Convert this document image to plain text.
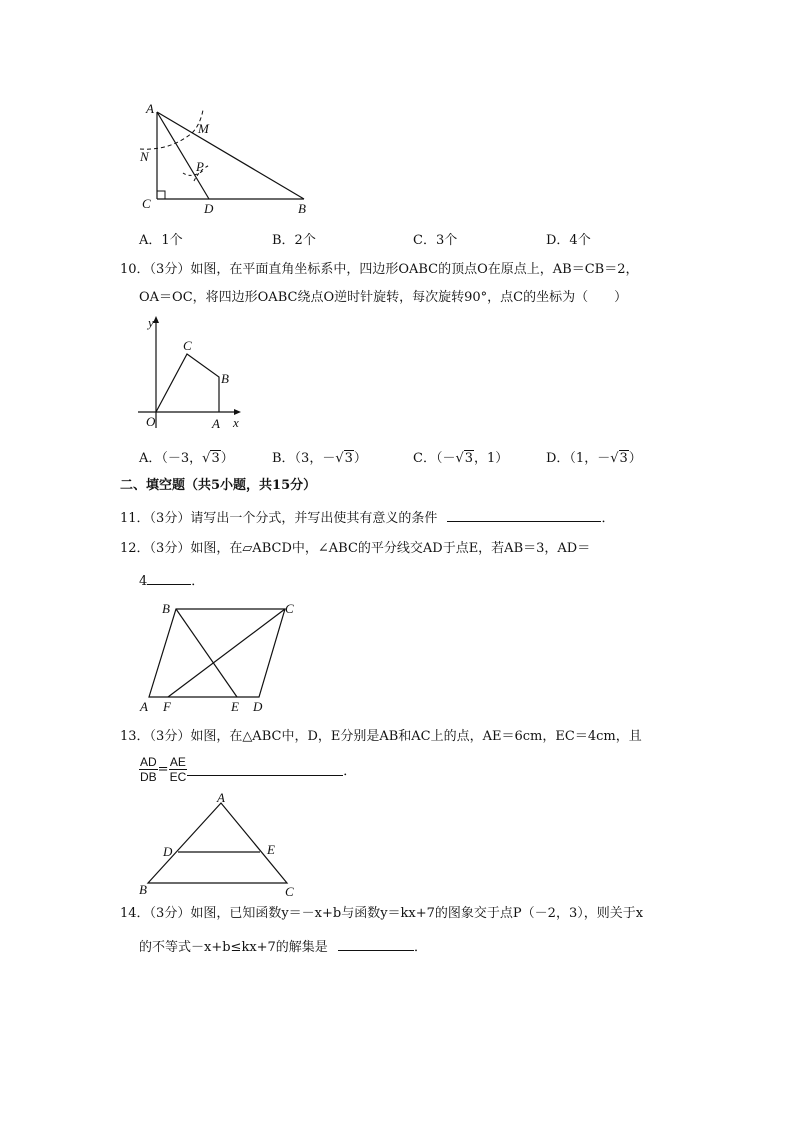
A
M
N
P
C	D	B
A．1个	B．2个	C．3个	D．4个
10．（3分）如图，在平面直角坐标系中，四边形OABC的顶点O在原点上，AB＝CB＝2，
OA＝OC，将四边形OABC绕点O逆时针旋转，每次旋转90°，点C的坐标为（　　）
y
x
O	A
B
C
A．（－3，√3）	B．（3，－√3）	C．（－√3，1）	D．（1，－√3）
二、填空题（共5小题，共15分）
11．（3分）请写出一个分式，并写出使其有意义的条件	．
12．（3分）如图，在▱ABCD中，∠ABC的平分线交AD于点E，若AB＝3，AD＝
4	．
B	C
A F	E D
13．（3分）如图，在△ABC中，D，E分别是AB和AC上的点，AE＝6cm，EC＝4cm，且
$\frac{AD}{DB} = \frac{AE}{EC}$	．
A
D	E
B	C
14．（3分）如图，已知函数y＝－x+b与函数y＝kx+7的图象交于点P（－2，3），则关于x
的不等式－x+b≤kx+7的解集是	．
